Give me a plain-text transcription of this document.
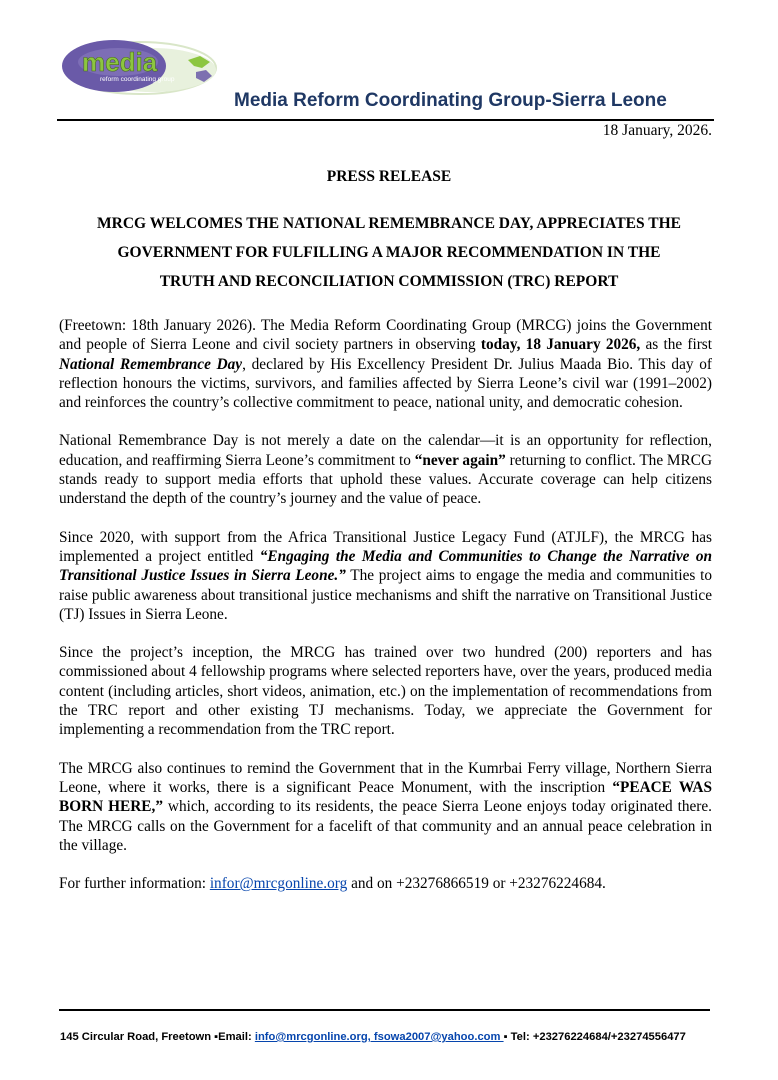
media
reform coordinating group
Media Reform Coordinating Group-Sierra Leone
18 January, 2026.
PRESS RELEASE
MRCG WELCOMES THE NATIONAL REMEMBRANCE DAY, APPRECIATES THE
GOVERNMENT FOR FULFILLING A MAJOR RECOMMENDATION IN THE
TRUTH AND RECONCILIATION COMMISSION (TRC) REPORT

(Freetown: 18th January 2026). The Media Reform Coordinating Group (MRCG) joins the Government and people of Sierra Leone and civil society partners in observing today, 18 January 2026, as the first National Remembrance Day, declared by His Excellency President Dr. Julius Maada Bio. This day of reflection honours the victims, survivors, and families affected by Sierra Leone’s civil war (1991–2002) and reinforces the country’s collective commitment to peace, national unity, and democratic cohesion.

National Remembrance Day is not merely a date on the calendar—it is an opportunity for reflection, education, and reaffirming Sierra Leone’s commitment to “never again” returning to conflict. The MRCG stands ready to support media efforts that uphold these values. Accurate coverage can help citizens understand the depth of the country’s journey and the value of peace.

Since 2020, with support from the Africa Transitional Justice Legacy Fund (ATJLF), the MRCG has implemented a project entitled “Engaging the Media and Communities to Change the Narrative on Transitional Justice Issues in Sierra Leone.” The project aims to engage the media and communities to raise public awareness about transitional justice mechanisms and shift the narrative on Transitional Justice (TJ) Issues in Sierra Leone.

Since the project’s inception, the MRCG has trained over two hundred (200) reporters and has commissioned about 4 fellowship programs where selected reporters have, over the years, produced media content (including articles, short videos, animation, etc.) on the implementation of recommendations from the TRC report and other existing TJ mechanisms. Today, we appreciate the Government for implementing a recommendation from the TRC report.

The MRCG also continues to remind the Government that in the Kumrbai Ferry village, Northern Sierra Leone, where it works, there is a significant Peace Monument, with the inscription “PEACE WAS BORN HERE,” which, according to its residents, the peace Sierra Leone enjoys today originated there. The MRCG calls on the Government for a facelift of that community and an annual peace celebration in the village.

For further information: infor@mrcgonline.org and on +23276866519 or +23276224684.

145 Circular Road, Freetown ▪Email: info@mrcgonline.org, fsowa2007@yahoo.com ▪ Tel: +23276224684/+23274556477
